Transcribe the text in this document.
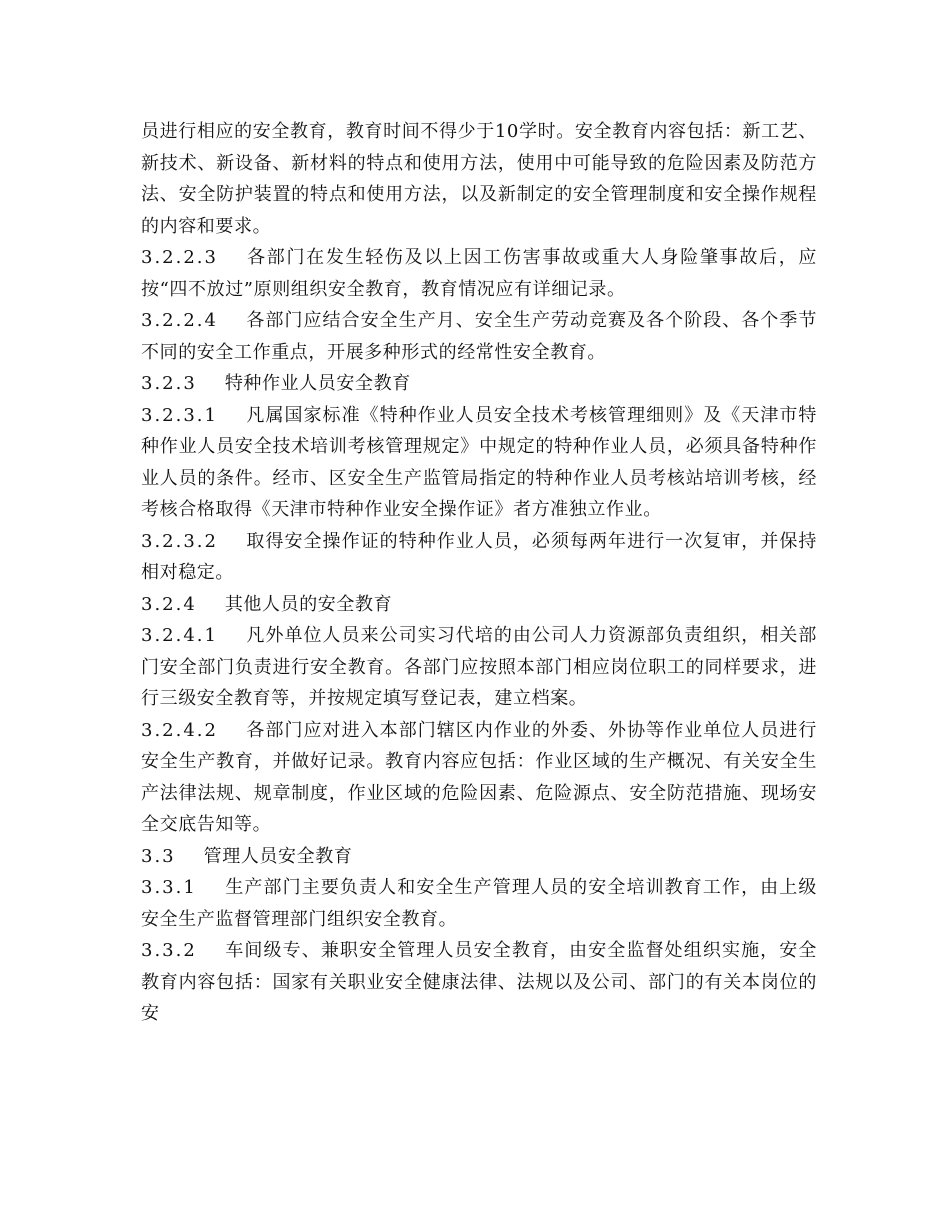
员进行相应的安全教育，教育时间不得少于10学时。安全教育内容包括：新工艺、新技术、新设备、新材料的特点和使用方法，使用中可能导致的危险因素及防范方法、安全防护装置的特点和使用方法，以及新制定的安全管理制度和安全操作规程的内容和要求。

3.2.2.3 各部门在发生轻伤及以上因工伤害事故或重大人身险肇事故后，应按“四不放过”原则组织安全教育，教育情况应有详细记录。

3.2.2.4 各部门应结合安全生产月、安全生产劳动竞赛及各个阶段、各个季节不同的安全工作重点，开展多种形式的经常性安全教育。

3.2.3 特种作业人员安全教育

3.2.3.1 凡属国家标准《特种作业人员安全技术考核管理细则》及《天津市特种作业人员安全技术培训考核管理规定》中规定的特种作业人员，必须具备特种作业人员的条件。经市、区安全生产监管局指定的特种作业人员考核站培训考核，经考核合格取得《天津市特种作业安全操作证》者方准独立作业。

3.2.3.2 取得安全操作证的特种作业人员，必须每两年进行一次复审，并保持相对稳定。

3.2.4 其他人员的安全教育

3.2.4.1 凡外单位人员来公司实习代培的由公司人力资源部负责组织，相关部门安全部门负责进行安全教育。各部门应按照本部门相应岗位职工的同样要求，进行三级安全教育等，并按规定填写登记表，建立档案。

3.2.4.2 各部门应对进入本部门辖区内作业的外委、外协等作业单位人员进行安全生产教育，并做好记录。教育内容应包括：作业区域的生产概况、有关安全生产法律法规、规章制度，作业区域的危险因素、危险源点、安全防范措施、现场安全交底告知等。

3.3 管理人员安全教育

3.3.1 生产部门主要负责人和安全生产管理人员的安全培训教育工作，由上级安全生产监督管理部门组织安全教育。

3.3.2 车间级专、兼职安全管理人员安全教育，由安全监督处组织实施，安全教育内容包括：国家有关职业安全健康法律、法规以及公司、部门的有关本岗位的安
